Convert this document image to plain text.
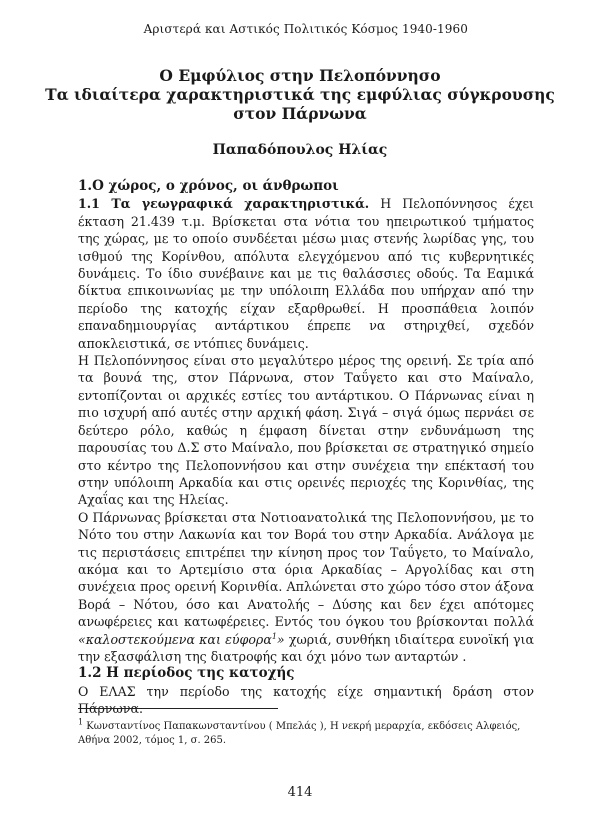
Αριστερά και Αστικός Πολιτικός Κόσμος 1940-1960
Ο Εμφύλιος στην Πελοπόννησο
Τα ιδιαίτερα χαρακτηριστικά της εμφύλιας σύγκρουσης
στον Πάρνωνα
Παπαδόπουλος Ηλίας

1.Ο χώρος, ο χρόνος, οι άνθρωποι

1.1 Τα γεωγραφικά χαρακτηριστικά. Η Πελοπόννησος έχει έκταση 21.439 τ.μ. Βρίσκεται στα νότια του ηπειρωτικού τμήματος της χώρας, με το οποίο συνδέεται μέσω μιας στενής λωρίδας γης, του ισθμού της Κορίνθου, απόλυτα ελεγχόμενου από τις κυβερνητικές δυνάμεις. Το ίδιο συνέβαινε και με τις θαλάσσιες οδούς. Τα Εαμικά δίκτυα επικοινωνίας με την υπόλοιπη Ελλάδα που υπήρχαν από την περίοδο της κατοχής είχαν εξαρθρωθεί. Η προσπάθεια λοιπόν επαναδημιουργίας αντάρτικου έπρεπε να στηριχθεί, σχεδόν αποκλειστικά, σε ντόπιες δυνάμεις.

Η Πελοπόννησος είναι στο μεγαλύτερο μέρος της ορεινή. Σε τρία από τα βουνά της, στον Πάρνωνα, στον Ταΰγετο και στο Μαίναλο, εντοπίζονται οι αρχικές εστίες του αντάρτικου. Ο Πάρνωνας είναι η πιο ισχυρή από αυτές στην αρχική φάση. Σιγά – σιγά όμως περνάει σε δεύτερο ρόλο, καθώς η έμφαση δίνεται στην ενδυνάμωση της παρουσίας του Δ.Σ στο Μαίναλο, που βρίσκεται σε στρατηγικό σημείο στο κέντρο της Πελοποννήσου και στην συνέχεια την επέκτασή του στην υπόλοιπη Αρκαδία και στις ορεινές περιοχές της Κορινθίας, της Αχαΐας και της Ηλείας.

Ο Πάρνωνας βρίσκεται στα Νοτιοανατολικά της Πελοποννήσου, με το Νότο του στην Λακωνία και τον Βορά του στην Αρκαδία. Ανάλογα με τις περιστάσεις επιτρέπει την κίνηση προς τον Ταΰγετο, το Μαίναλο, ακόμα και το Αρτεμίσιο στα όρια Αρκαδίας – Αργολίδας και στη συνέχεια προς ορεινή Κορινθία. Απλώνεται στο χώρο τόσο στον άξονα Βορά – Νότου, όσο και Ανατολής – Δύσης και δεν έχει απότομες ανωφέρειες και κατωφέρειες. Εντός του όγκου του βρίσκονται πολλά «καλοστεκούμενα και εύφορα$^1$» χωριά, συνθήκη ιδιαίτερα ευνοϊκή για την εξασφάλιση της διατροφής και όχι μόνο των ανταρτών .

1.2 Η περίοδος της κατοχής

Ο ΕΛΑΣ την περίοδο της κατοχής είχε σημαντική δράση στον Πάρνωνα.

$^1$ Κωνσταντίνος Παπακωνσταντίνου ( Μπελάς ), Η νεκρή μεραρχία, εκδόσεις Αλφειός, Αθήνα 2002, τόμος 1, σ. 265.
414
